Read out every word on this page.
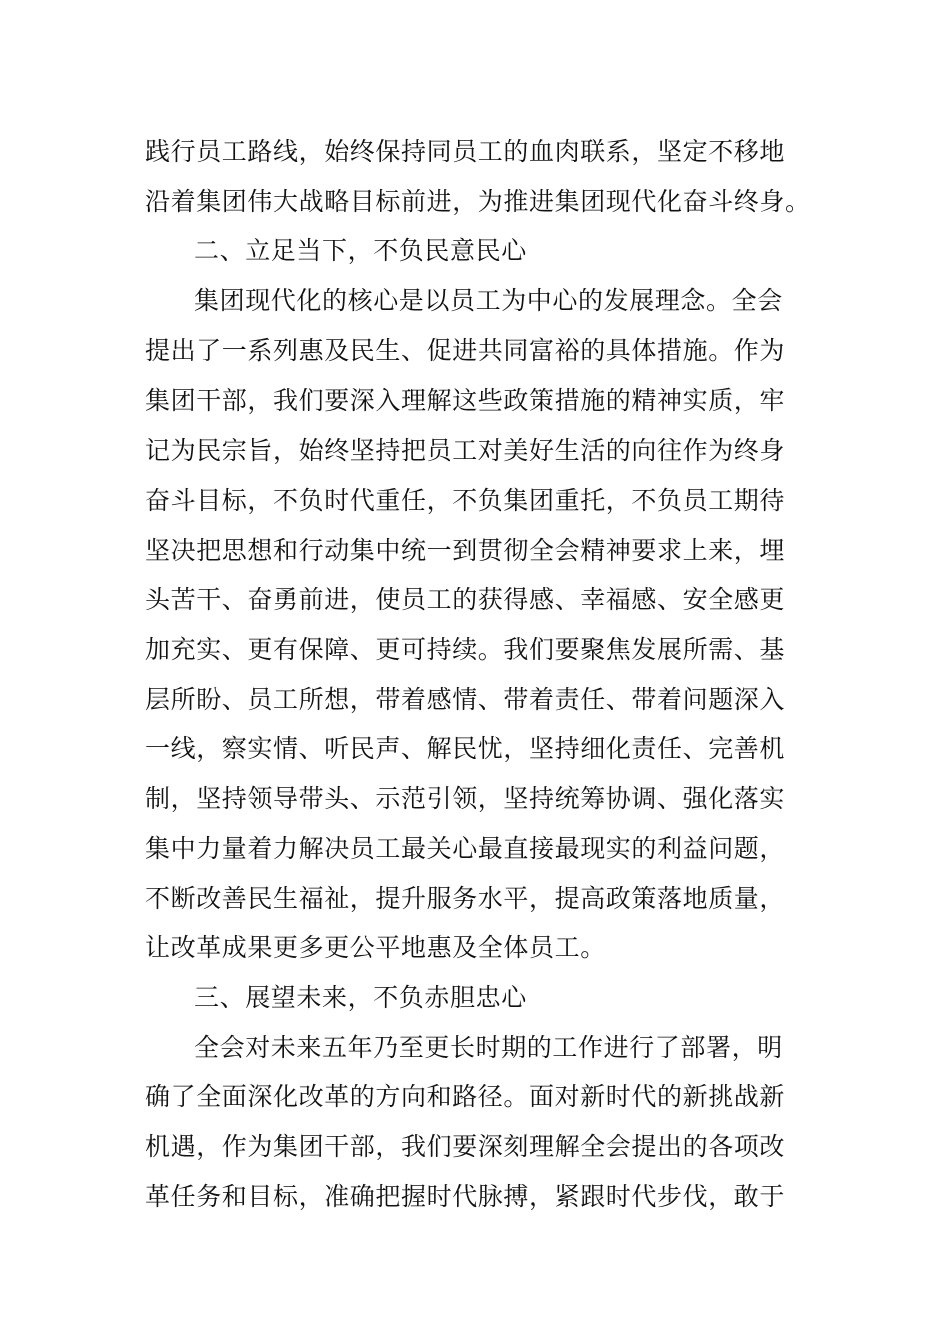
践行员工路线，始终保持同员工的血肉联系，坚定不移地
沿着集团伟大战略目标前进，为推进集团现代化奋斗终身。
二、立足当下，不负民意民心
集团现代化的核心是以员工为中心的发展理念。全会
提出了一系列惠及民生、促进共同富裕的具体措施。作为
集团干部，我们要深入理解这些政策措施的精神实质，牢
记为民宗旨，始终坚持把员工对美好生活的向往作为终身
奋斗目标，不负时代重任，不负集团重托，不负员工期待
坚决把思想和行动集中统一到贯彻全会精神要求上来，埋
头苦干、奋勇前进，使员工的获得感、幸福感、安全感更
加充实、更有保障、更可持续。我们要聚焦发展所需、基
层所盼、员工所想，带着感情、带着责任、带着问题深入
一线，察实情、听民声、解民忧，坚持细化责任、完善机
制，坚持领导带头、示范引领，坚持统筹协调、强化落实
集中力量着力解决员工最关心最直接最现实的利益问题，
不断改善民生福祉，提升服务水平，提高政策落地质量，
让改革成果更多更公平地惠及全体员工。
三、展望未来，不负赤胆忠心
全会对未来五年乃至更长时期的工作进行了部署，明
确了全面深化改革的方向和路径。面对新时代的新挑战新
机遇，作为集团干部，我们要深刻理解全会提出的各项改
革任务和目标，准确把握时代脉搏，紧跟时代步伐，敢于
